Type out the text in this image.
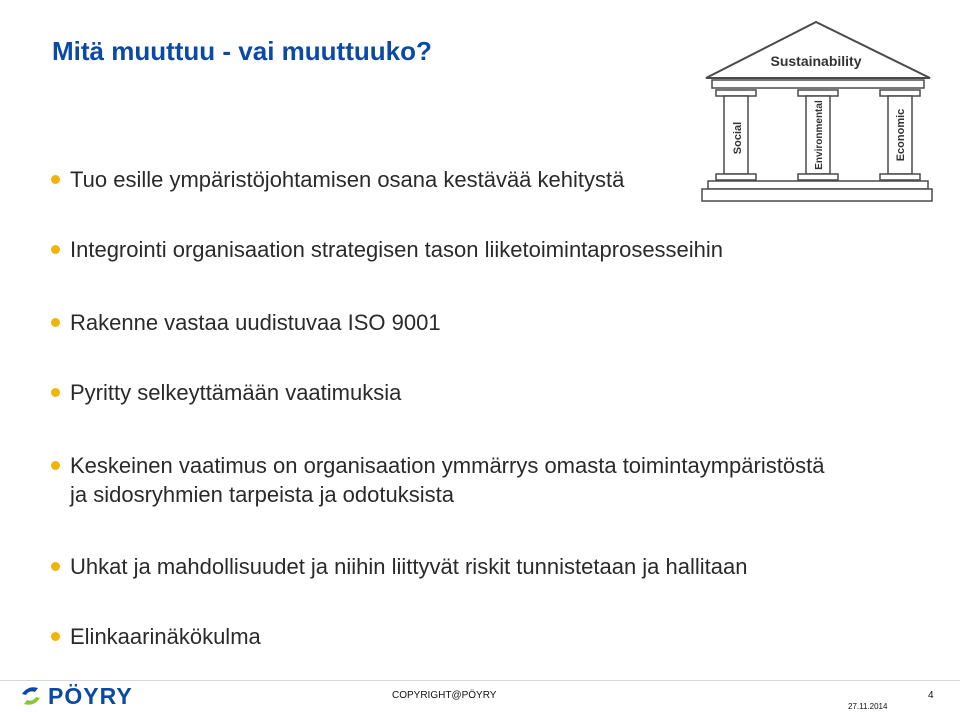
Mitä muuttuu - vai muuttuuko?
Tuo esille ympäristöjohtamisen osana kestävää kehitystä
Integrointi organisaation strategisen tason liiketoimintaprosesseihin
Rakenne vastaa uudistuvaa ISO 9001
Pyritty selkeyttämään vaatimuksia
Keskeinen vaatimus on organisaation ymmärrys omasta toimintaympäristöstä
ja sidosryhmien tarpeista ja odotuksista
Uhkat ja mahdollisuudet ja niihin liittyvät riskit tunnistetaan ja hallitaan
Elinkaarinäkökulma
Sustainability
Social	Environmental	Economic
PÖYRY	COPYRIGHT@PÖYRY
27.11.2014
4
